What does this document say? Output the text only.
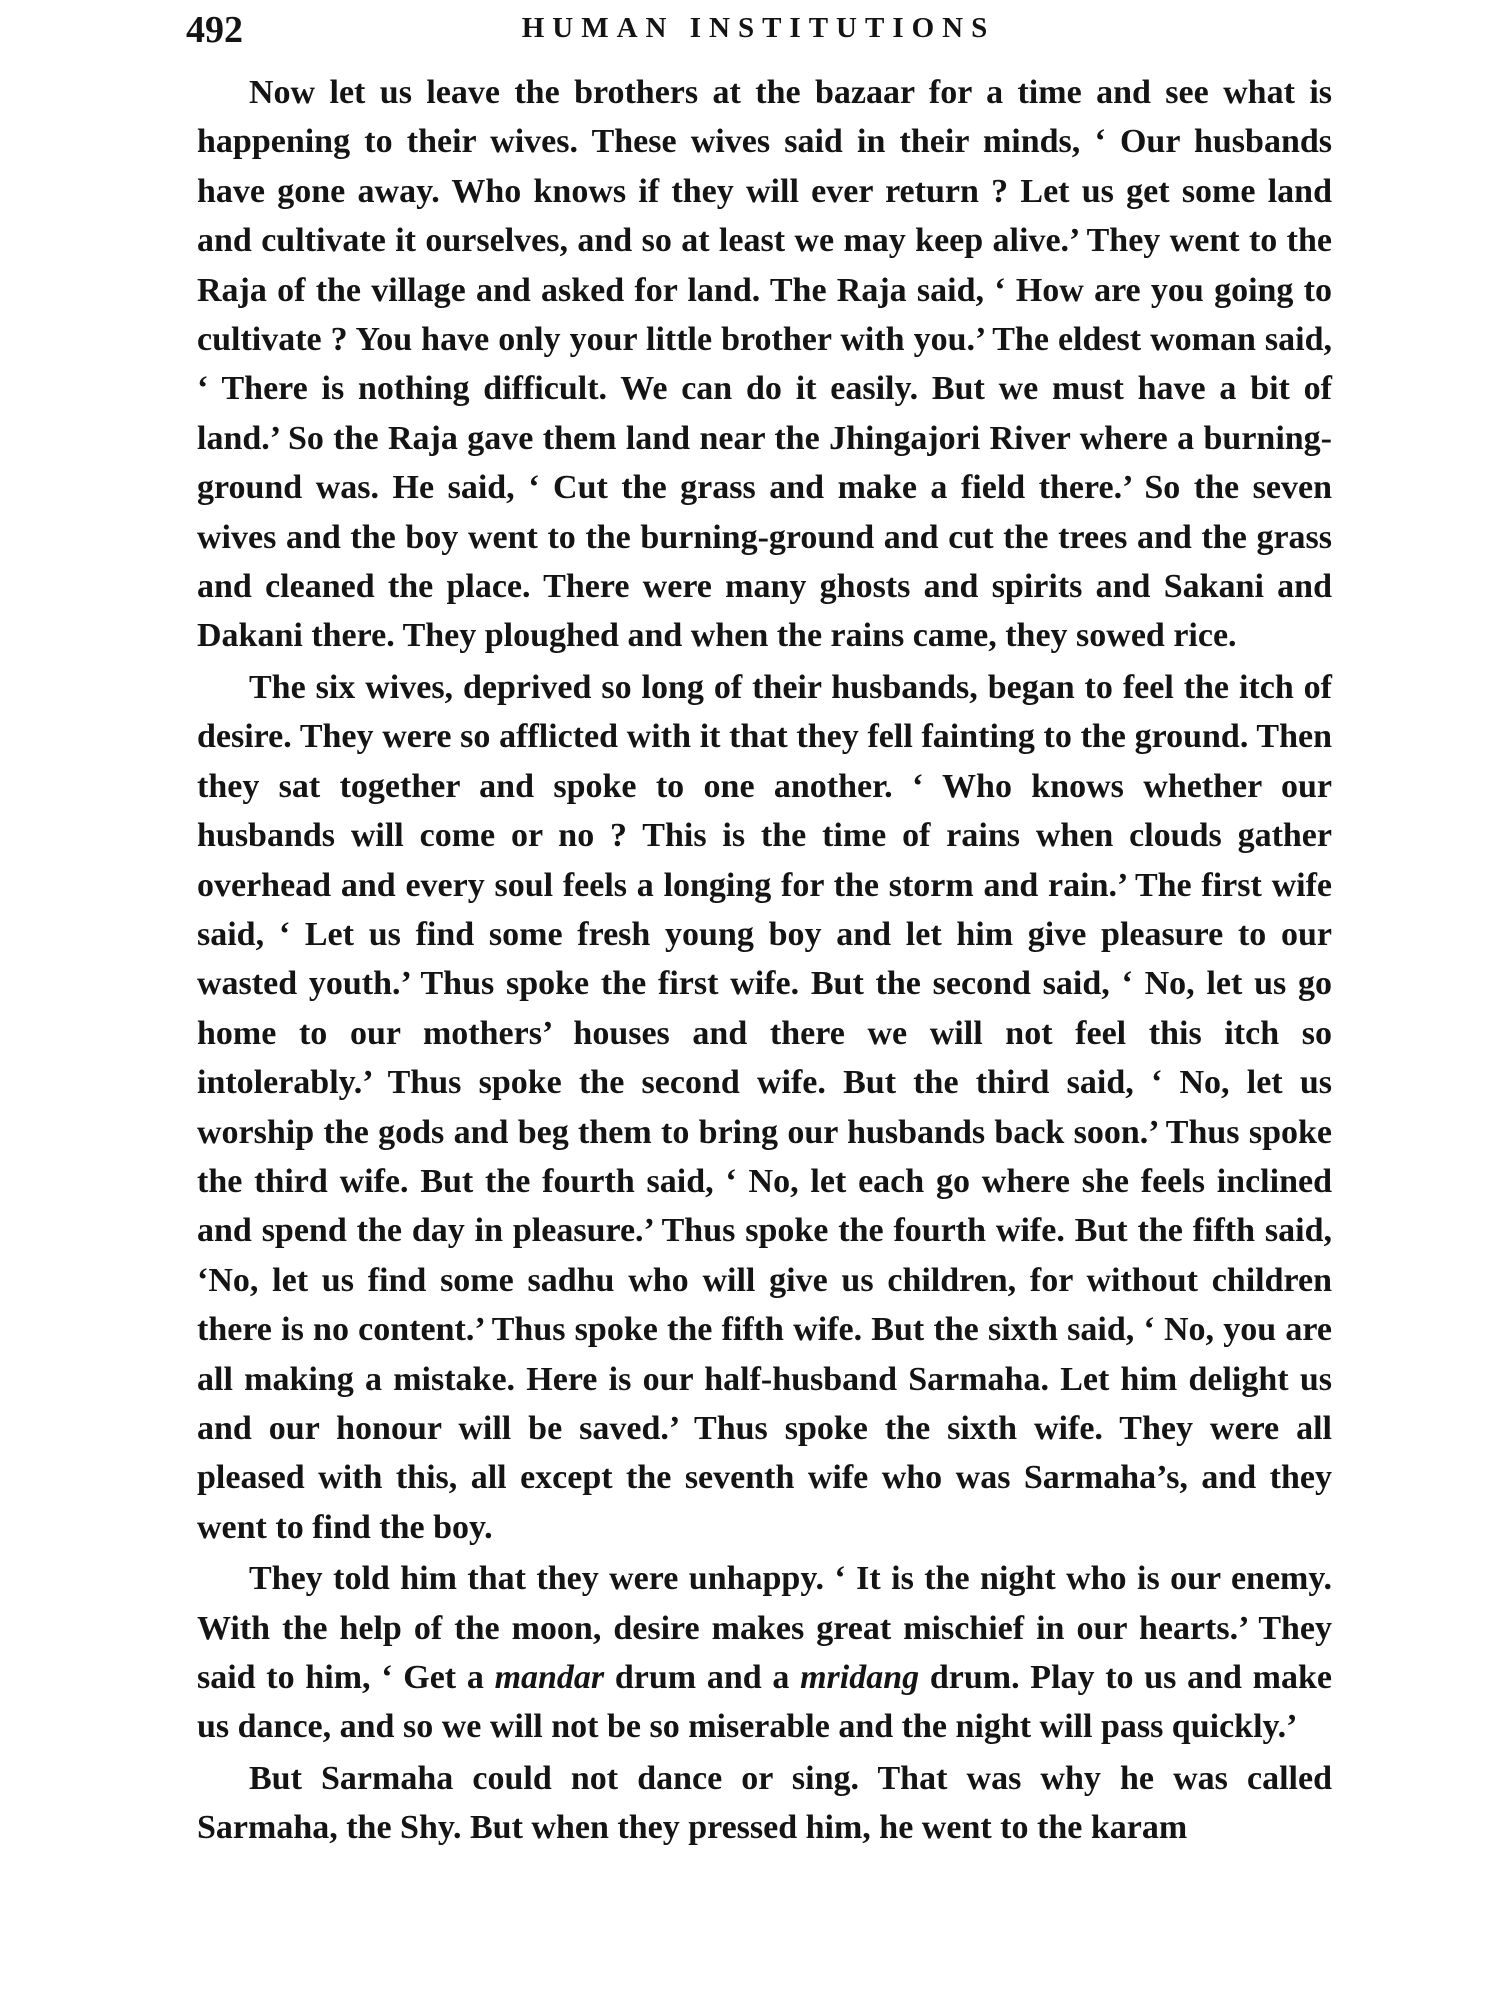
492	HUMAN INSTITUTIONS

Now let us leave the brothers at the bazaar for a time and see what is happening to their wives. These wives said in their minds, ‘ Our husbands have gone away. Who knows if they will ever return ? Let us get some land and cultivate it ourselves, and so at least we may keep alive.’ They went to the Raja of the village and asked for land. The Raja said, ‘ How are you going to cultivate ? You have only your little brother with you.’ The eldest woman said, ‘ There is nothing difficult. We can do it easily. But we must have a bit of land.’ So the Raja gave them land near the Jhingajori River where a burning-ground was. He said, ‘ Cut the grass and make a field there.’ So the seven wives and the boy went to the burning-ground and cut the trees and the grass and cleaned the place. There were many ghosts and spirits and Sakani and Dakani there. They ploughed and when the rains came, they sowed rice.

The six wives, deprived so long of their husbands, began to feel the itch of desire. They were so afflicted with it that they fell fainting to the ground. Then they sat together and spoke to one another. ‘ Who knows whether our husbands will come or no ? This is the time of rains when clouds gather overhead and every soul feels a longing for the storm and rain.’ The first wife said, ‘ Let us find some fresh young boy and let him give pleasure to our wasted youth.’ Thus spoke the first wife. But the second said, ‘ No, let us go home to our mothers’ houses and there we will not feel this itch so intolerably.’ Thus spoke the second wife. But the third said, ‘ No, let us worship the gods and beg them to bring our husbands back soon.’ Thus spoke the third wife. But the fourth said, ‘ No, let each go where she feels inclined and spend the day in pleasure.’ Thus spoke the fourth wife. But the fifth said, ‘No, let us find some sadhu who will give us children, for without children there is no content.’ Thus spoke the fifth wife. But the sixth said, ‘ No, you are all making a mistake. Here is our half-husband Sarmaha. Let him delight us and our honour will be saved.’ Thus spoke the sixth wife. They were all pleased with this, all except the seventh wife who was Sarmaha’s, and they went to find the boy.

They told him that they were unhappy. ‘ It is the night who is our enemy. With the help of the moon, desire makes great mischief in our hearts.’ They said to him, ‘ Get a mandar drum and a mridang drum. Play to us and make us dance, and so we will not be so miserable and the night will pass quickly.’

But Sarmaha could not dance or sing. That was why he was called Sarmaha, the Shy. But when they pressed him, he went to the karam
